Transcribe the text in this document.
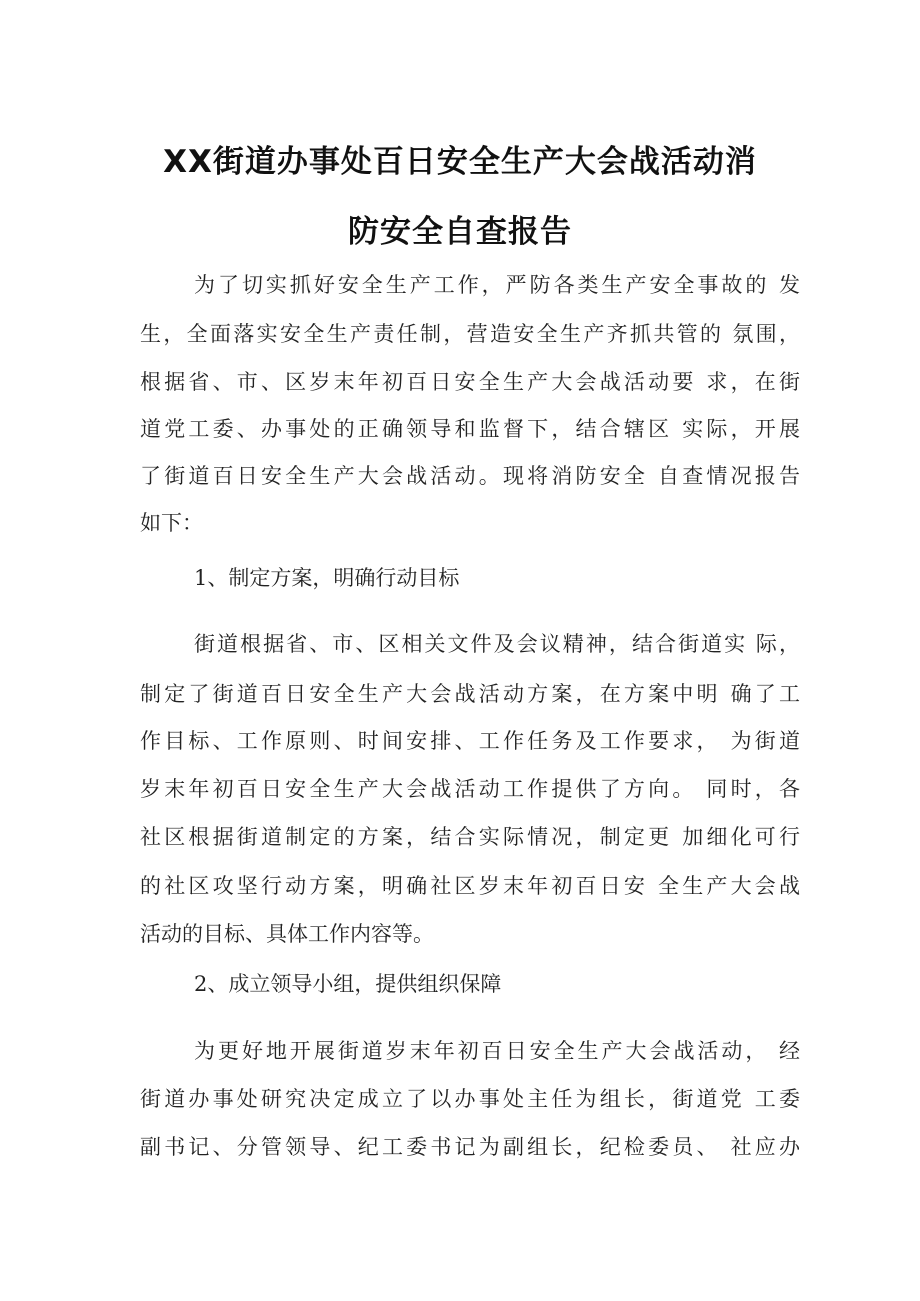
XX街道办事处百日安全生产大会战活动消
防安全自查报告
为了切实抓好安全生产工作，严防各类生产安全事故的 发
生，全面落实安全生产责任制，营造安全生产齐抓共管的 氛围，
根据省、市、区岁末年初百日安全生产大会战活动要 求，在街
道党工委、办事处的正确领导和监督下，结合辖区 实际，开展
了街道百日安全生产大会战活动。现将消防安全 自查情况报告
如下：
1、制定方案，明确行动目标
街道根据省、市、区相关文件及会议精神，结合街道实 际，
制定了街道百日安全生产大会战活动方案，在方案中明 确了工
作目标、工作原则、时间安排、工作任务及工作要求， 为街道
岁末年初百日安全生产大会战活动工作提供了方向。 同时，各
社区根据街道制定的方案，结合实际情况，制定更 加细化可行
的社区攻坚行动方案，明确社区岁末年初百日安 全生产大会战
活动的目标、具体工作内容等。
2、成立领导小组，提供组织保障
为更好地开展街道岁末年初百日安全生产大会战活动， 经
街道办事处研究决定成立了以办事处主任为组长，街道党 工委
副书记、分管领导、纪工委书记为副组长，纪检委员、 社应办
